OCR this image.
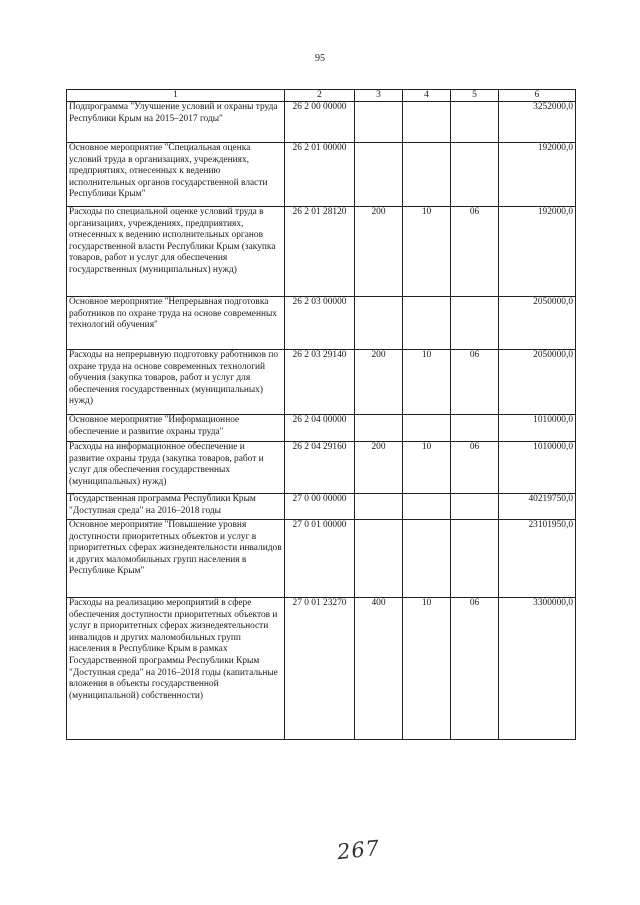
95
1	2	3	4	5	6
Подпрограмма "Улучшение условий и охраны труда Республики Крым на 2015–2017 годы"	26 2 00 00000				3252000,0
Основное мероприятие "Специальная оценка условий труда в организациях, учреждениях, предприятиях, отнесенных к ведению исполнительных органов государственной власти Республики Крым"	26 2 01 00000				192000,0
Расходы по специальной оценке условий труда в организациях, учреждениях, предприятиях, отнесенных к ведению исполнительных органов государственной власти Республики Крым (закупка товаров, работ и услуг для обеспечения государственных (муниципальных) нужд)	26 2 01 28120	200	10	06	192000,0
Основное мероприятие "Непрерывная подготовка работников по охране труда на основе современных технологий обучения"	26 2 03 00000				2050000,0
Расходы на непрерывную подготовку работников по охране труда на основе современных технологий обучения (закупка товаров, работ и услуг для обеспечения государственных (муниципальных) нужд)	26 2 03 29140	200	10	06	2050000,0
Основное мероприятие "Информационное обеспечение и развитие охраны труда"	26 2 04 00000				1010000,0
Расходы на информационное обеспечение и развитие охраны труда (закупка товаров, работ и услуг для обеспечения государственных (муниципальных) нужд)	26 2 04 29160	200	10	06	1010000,0
Государственная программа Республики Крым "Доступная среда" на 2016–2018 годы	27 0 00 00000				40219750,0
Основное мероприятие "Повышение уровня доступности приоритетных объектов и услуг в приоритетных сферах жизнедеятельности инвалидов и других маломобильных групп населения в Республике Крым"	27 0 01 00000				23101950,0
Расходы на реализацию мероприятий в сфере обеспечения доступности приоритетных объектов и услуг в приоритетных сферах жизнедеятельности инвалидов и других маломобильных групп населения в Республике Крым в рамках Государственной программы Республики Крым "Доступная среда" на 2016–2018 годы (капитальные вложения в объекты государственной (муниципальной) собственности)	27 0 01 23270	400	10	06	3300000,0
267
